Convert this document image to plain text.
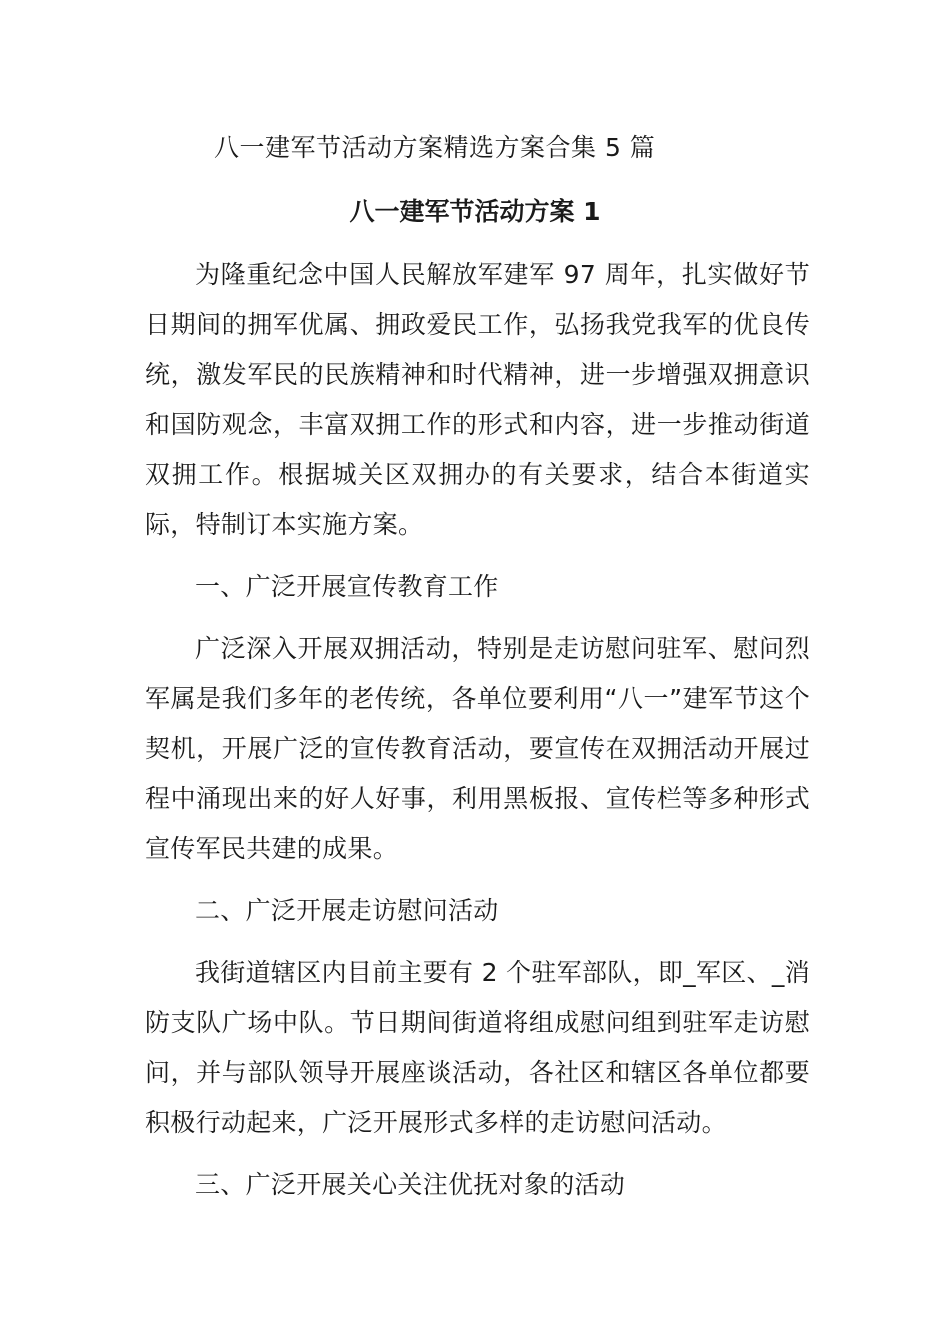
八一建军节活动方案精选方案合集 5 篇
八一建军节活动方案 1

为隆重纪念中国人民解放军建军 97 周年，扎实做好节日期间的拥军优属、拥政爱民工作，弘扬我党我军的优良传统，激发军民的民族精神和时代精神，进一步增强双拥意识和国防观念，丰富双拥工作的形式和内容，进一步推动街道双拥工作。根据城关区双拥办的有关要求，结合本街道实际，特制订本实施方案。

一、广泛开展宣传教育工作

广泛深入开展双拥活动，特别是走访慰问驻军、慰问烈军属是我们多年的老传统，各单位要利用“八一”建军节这个契机，开展广泛的宣传教育活动，要宣传在双拥活动开展过程中涌现出来的好人好事，利用黑板报、宣传栏等多种形式宣传军民共建的成果。

二、广泛开展走访慰问活动

我街道辖区内目前主要有 2 个驻军部队，即_军区、_消防支队广场中队。节日期间街道将组成慰问组到驻军走访慰问，并与部队领导开展座谈活动，各社区和辖区各单位都要积极行动起来，广泛开展形式多样的走访慰问活动。

三、广泛开展关心关注优抚对象的活动
